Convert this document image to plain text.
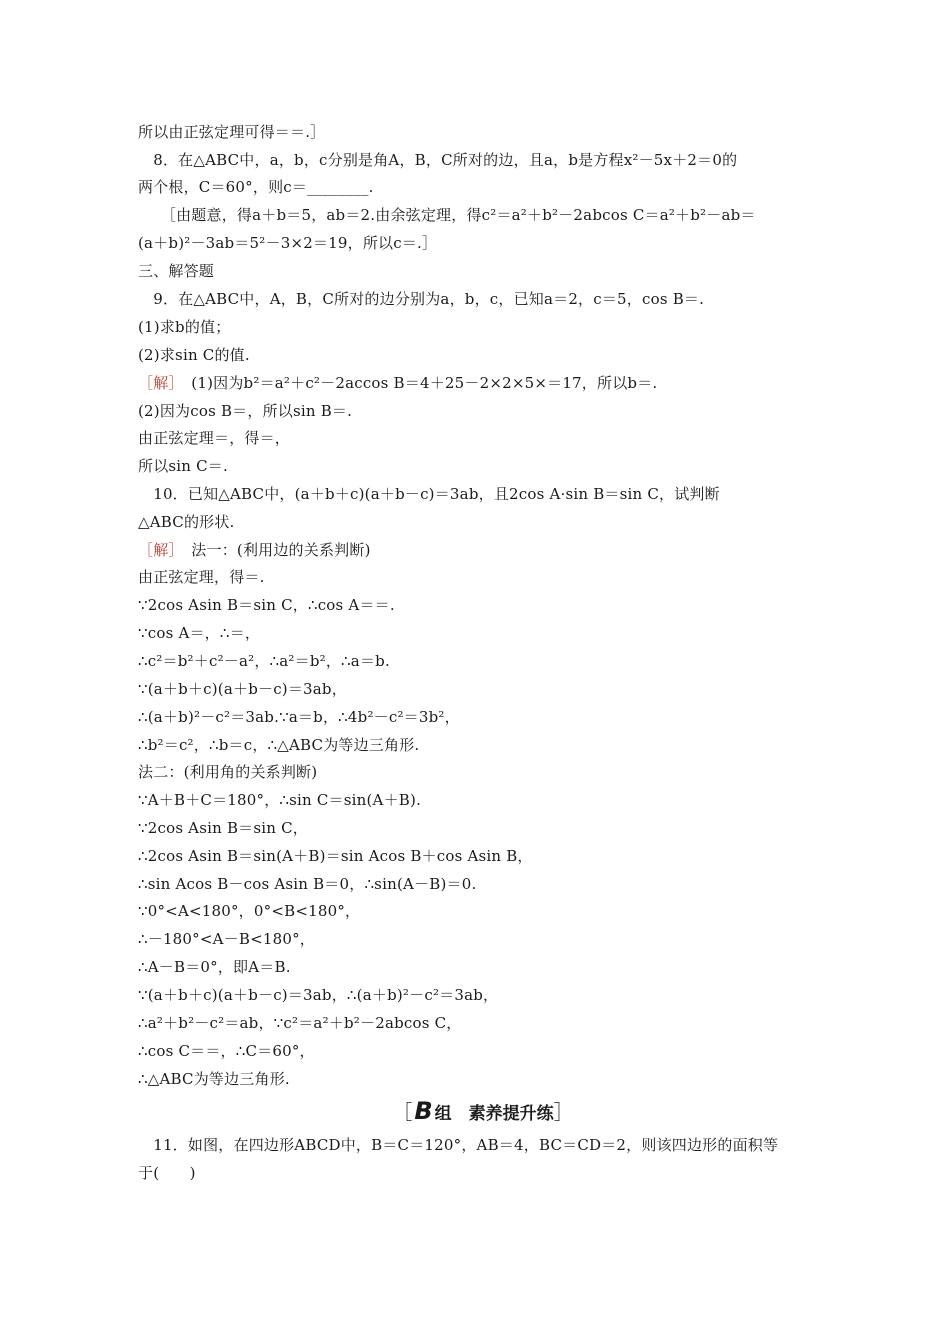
所以由正弦定理可得＝＝.］
　8．在△ABC中，a，b，c分别是角A，B，C所对的边，且a，b是方程x²－5x＋2＝0的
两个根，C＝60°，则c＝________.
　　［由题意，得a＋b＝5，ab＝2.由余弦定理，得c²＝a²＋b²－2abcos C＝a²＋b²－ab＝
(a＋b)²－3ab＝5²－3×2＝19，所以c＝.］
三、解答题
　9．在△ABC中，A，B，C所对的边分别为a，b，c，已知a＝2，c＝5，cos B＝.
(1)求b的值；
(2)求sin C的值.
［解］　(1)因为b²＝a²＋c²－2accos B＝4＋25－2×2×5×＝17，所以b＝.
(2)因为cos B＝，所以sin B＝.
由正弦定理＝，得＝，
所以sin C＝.
　10．已知△ABC中，(a＋b＋c)(a＋b－c)＝3ab，且2cos A·sin B＝sin C，试判断
△ABC的形状.
［解］　法一：(利用边的关系判断)
由正弦定理，得＝.
∵2cos Asin B＝sin C，∴cos A＝＝.
∵cos A＝，∴＝，
∴c²＝b²＋c²－a²，∴a²＝b²，∴a＝b.
∵(a＋b＋c)(a＋b－c)＝3ab，
∴(a＋b)²－c²＝3ab.∵a＝b，∴4b²－c²＝3b²，
∴b²＝c²，∴b＝c，∴△ABC为等边三角形.
法二：(利用角的关系判断)
∵A＋B＋C＝180°，∴sin C＝sin(A＋B).
∵2cos Asin B＝sin C，
∴2cos Asin B＝sin(A＋B)＝sin Acos B＋cos Asin B，
∴sin Acos B－cos Asin B＝0，∴sin(A－B)＝0.
∵0°<A<180°，0°<B<180°，
∴－180°<A－B<180°，
∴A－B＝0°，即A＝B.
∵(a＋b＋c)(a＋b－c)＝3ab，∴(a＋b)²－c²＝3ab，
∴a²＋b²－c²＝ab，∵c²＝a²＋b²－2abcos C，
∴cos C＝＝，∴C＝60°，
∴△ABC为等边三角形.
［B 组　素养提升练］
　11．如图，在四边形ABCD中，B＝C＝120°，AB＝4，BC＝CD＝2，则该四边形的面积等
于(　　)
